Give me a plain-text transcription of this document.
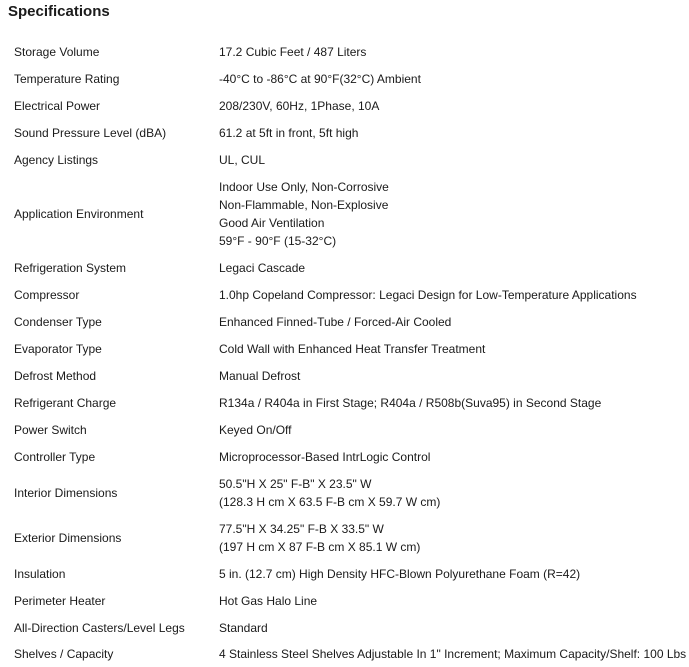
Specifications
Storage Volume	17.2 Cubic Feet / 487 Liters

Temperature Rating	-40°C to -86°C at 90°F(32°C) Ambient

Electrical Power	208/230V, 60Hz, 1Phase, 10A

Sound Pressure Level (dBA)	61.2 at 5ft in front, 5ft high

Agency Listings	UL, CUL

Application Environment	Indoor Use Only, Non-Corrosive
Non-Flammable, Non-Explosive
Good Air Ventilation
59°F - 90°F (15-32°C)

Refrigeration System	Legaci Cascade

Compressor	1.0hp Copeland Compressor: Legaci Design for Low-Temperature Applications

Condenser Type	Enhanced Finned-Tube / Forced-Air Cooled

Evaporator Type	Cold Wall with Enhanced Heat Transfer Treatment

Defrost Method	Manual Defrost

Refrigerant Charge	R134a / R404a in First Stage; R404a / R508b(Suva95) in Second Stage

Power Switch	Keyed On/Off

Controller Type	Microprocessor-Based IntrLogic Control

Interior Dimensions	50.5"H X 25" F-B" X 23.5" W
(128.3 H cm X 63.5 F-B cm X 59.7 W cm)

Exterior Dimensions	77.5"H X 34.25" F-B X 33.5" W
(197 H cm X 87 F-B cm X 85.1 W cm)

Insulation	5 in. (12.7 cm) High Density HFC-Blown Polyurethane Foam (R=42)

Perimeter Heater	Hot Gas Halo Line

All-Direction Casters/Level Legs	Standard

Shelves / Capacity	4 Stainless Steel Shelves Adjustable In 1" Increment; Maximum Capacity/Shelf: 100 Lbs
